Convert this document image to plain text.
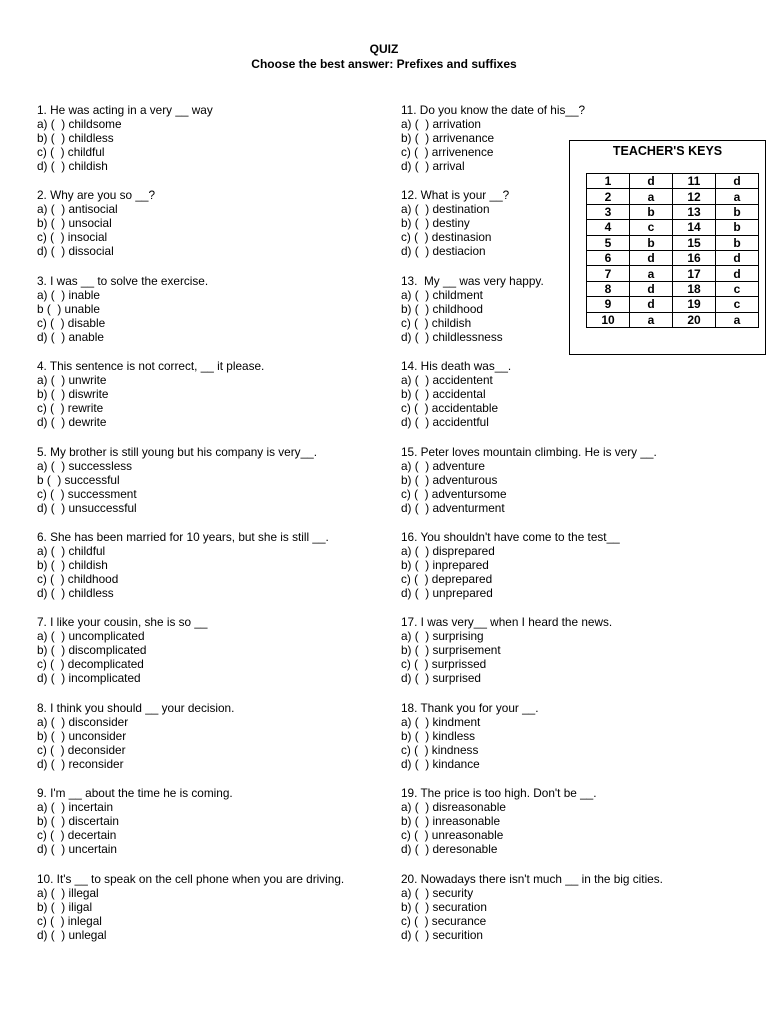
QUIZ
Choose the best answer: Prefixes and suffixes
1. He was acting in a very __ way
a) (  ) childsome
b) (  ) childless
c) (  ) childful
d) (  ) childish
2. Why are you so __?
a) (  ) antisocial
b) (  ) unsocial
c) (  ) insocial
d) (  ) dissocial
3. I was __ to solve the exercise.
a) (  ) inable
b (  ) unable
c) (  ) disable
d) (  ) anable
4. This sentence is not correct, __ it please.
a) (  ) unwrite
b) (  ) diswrite
c) (  ) rewrite
d) (  ) dewrite
5. My brother is still young but his company is very__.
a) (  ) successless
b (  ) successful
c) (  ) successment
d) (  ) unsuccessful
6. She has been married for 10 years, but she is still __.
a) (  ) childful
b) (  ) childish
c) (  ) childhood
d) (  ) childless
7. I like your cousin, she is so __
a) (  ) uncomplicated
b) (  ) discomplicated
c) (  ) decomplicated
d) (  ) incomplicated
8. I think you should __ your decision.
a) (  ) disconsider
b) (  ) unconsider
c) (  ) deconsider
d) (  ) reconsider
9. I'm __ about the time he is coming.
a) (  ) incertain
b) (  ) discertain
c) (  ) decertain
d) (  ) uncertain
10. It's __ to speak on the cell phone when you are driving.
a) (  ) illegal
b) (  ) iligal
c) (  ) inlegal
d) (  ) unlegal
11. Do you know the date of his__?
a) (  ) arrivation
b) (  ) arrivenance
c) (  ) arrivenence
d) (  ) arrival
12. What is your __?
a) (  ) destination
b) (  ) destiny
c) (  ) destinasion
d) (  ) destiacion
13.  My __ was very happy.
a) (  ) childment
b) (  ) childhood
c) (  ) childish
d) (  ) childlessness
14. His death was__.
a) (  ) accidentent
b) (  ) accidental
c) (  ) accidentable
d) (  ) accidentful
15. Peter loves mountain climbing. He is very __.
a) (  ) adventure
b) (  ) adventurous
c) (  ) adventursome
d) (  ) adventurment
16. You shouldn't have come to the test__
a) (  ) disprepared
b) (  ) inprepared
c) (  ) deprepared
d) (  ) unprepared
17. I was very__ when I heard the news.
a) (  ) surprising
b) (  ) surprisement
c) (  ) surprissed
d) (  ) surprised
18. Thank you for your __.
a) (  ) kindment
b) (  ) kindless
c) (  ) kindness
d) (  ) kindance
19. The price is too high. Don't be __.
a) (  ) disreasonable
b) (  ) inreasonable
c) (  ) unreasonable
d) (  ) deresonable
20. Nowadays there isn't much __ in the big cities.
a) (  ) security
b) (  ) securation
c) (  ) securance
d) (  ) securition
TEACHER'S KEYS
1	d	11	d
2	a	12	a
3	b	13	b
4	c	14	b
5	b	15	b
6	d	16	d
7	a	17	d
8	d	18	c
9	d	19	c
10	a	20	a
